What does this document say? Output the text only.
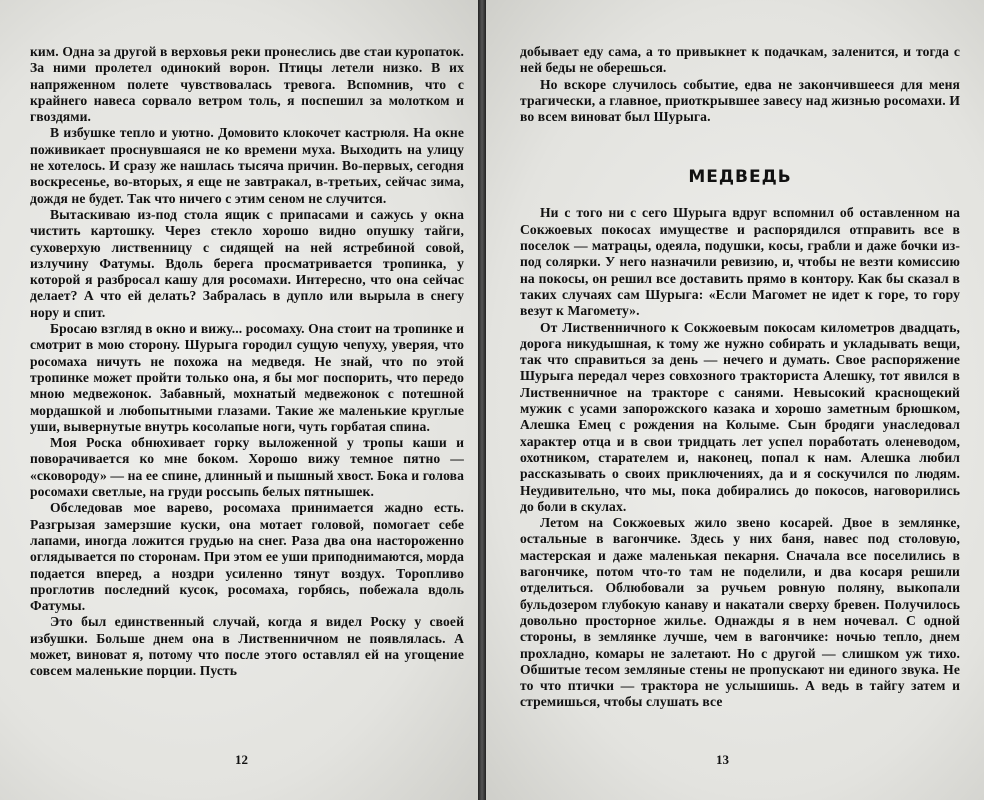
ким. Одна за другой в верховья реки пронеслись две стаи куропаток. За ними пролетел одинокий ворон. Птицы летели низко. В их напряженном полете чувствовалась тревога. Вспомнив, что с крайнего навеса сорвало ветром толь, я поспешил за молотком и гвоздями.

В избушке тепло и уютно. Домовито клокочет кастрюля. На окне поживикает проснувшаяся не ко времени муха. Выходить на улицу не хотелось. И сразу же нашлась тысяча причин. Во-первых, сегодня воскресенье, во-вторых, я еще не завтракал, в-третьих, сейчас зима, дождя не будет. Так что ничего с этим сеном не случится.

Вытаскиваю из-под стола ящик с припасами и сажусь у окна чистить картошку. Через стекло хорошо видно опушку тайги, суховерхую лиственницу с сидящей на ней ястребиной совой, излучину Фатумы. Вдоль берега просматривается тропинка, у которой я разбросал кашу для росомахи. Интересно, что она сейчас делает? А что ей делать? Забралась в дупло или вырыла в снегу нору и спит.

Бросаю взгляд в окно и вижу... росомаху. Она стоит на тропинке и смотрит в мою сторону. Шурыга городил сущую чепуху, уверяя, что росомаха ничуть не похожа на медведя. Не знай, что по этой тропинке может пройти только она, я бы мог поспорить, что передо мною медвежонок. Забавный, мохнатый медвежонок с потешной мордашкой и любопытными глазами. Такие же маленькие круглые уши, вывернутые внутрь косолапые ноги, чуть горбатая спина.

Моя Роска обнюхивает горку выложенной у тропы каши и поворачивается ко мне боком. Хорошо вижу темное пятно — «сковороду» — на ее спине, длинный и пышный хвост. Бока и голова росомахи светлые, на груди россыпь белых пятнышек.

Обследовав мое варево, росомаха принимается жадно есть. Разгрызая замерзшие куски, она мотает головой, помогает себе лапами, иногда ложится грудью на снег. Раза два она настороженно оглядывается по сторонам. При этом ее уши приподнимаются, морда подается вперед, а ноздри усиленно тянут воздух. Торопливо проглотив последний кусок, росомаха, горбясь, побежала вдоль Фатумы.

Это был единственный случай, когда я видел Роску у своей избушки. Больше днем она в Лиственничном не появлялась. А может, виноват я, потому что после этого оставлял ей на угощение совсем маленькие порции. Пусть

12

добывает еду сама, а то привыкнет к подачкам, заленится, и тогда с ней беды не оберешься.

Но вскоре случилось событие, едва не закончившееся для меня трагически, а главное, приоткрывшее завесу над жизнью росомахи. И во всем виноват был Шурыга.

МЕДВЕДЬ

Ни с того ни с сего Шурыга вдруг вспомнил об оставленном на Сокжоевых покосах имуществе и распорядился отправить все в поселок — матрацы, одеяла, подушки, косы, грабли и даже бочки из-под солярки. У него назначили ревизию, и, чтобы не везти комиссию на покосы, он решил все доставить прямо в контору. Как бы сказал в таких случаях сам Шурыга: «Если Магомет не идет к горе, то гору везут к Магомету».

От Лиственничного к Сокжоевым покосам километров двадцать, дорога никудышная, к тому же нужно собирать и укладывать вещи, так что справиться за день — нечего и думать. Свое распоряжение Шурыга передал через совхозного тракториста Алешку, тот явился в Лиственничное на тракторе с санями. Невысокий краснощекий мужик с усами запорожского казака и хорошо заметным брюшком, Алешка Емец с рождения на Колыме. Сын бродяги унаследовал характер отца и в свои тридцать лет успел поработать оленеводом, охотником, старателем и, наконец, попал к нам. Алешка любил рассказывать о своих приключениях, да и я соскучился по людям. Неудивительно, что мы, пока добирались до покосов, наговорились до боли в скулах.

Летом на Сокжоевых жило звено косарей. Двое в землянке, остальные в вагончике. Здесь у них баня, навес под столовую, мастерская и даже маленькая пекарня. Сначала все поселились в вагончике, потом что-то там не поделили, и два косаря решили отделиться. Облюбовали за ручьем ровную поляну, выкопали бульдозером глубокую канаву и накатали сверху бревен. Получилось довольно просторное жилье. Однажды я в нем ночевал. С одной стороны, в землянке лучше, чем в вагончике: ночью тепло, днем прохладно, комары не залетают. Но с другой — слишком уж тихо. Обшитые тесом земляные стены не пропускают ни единого звука. Не то что птички — трактора не услышишь. А ведь в тайгу затем и стремишься, чтобы слушать все

13
